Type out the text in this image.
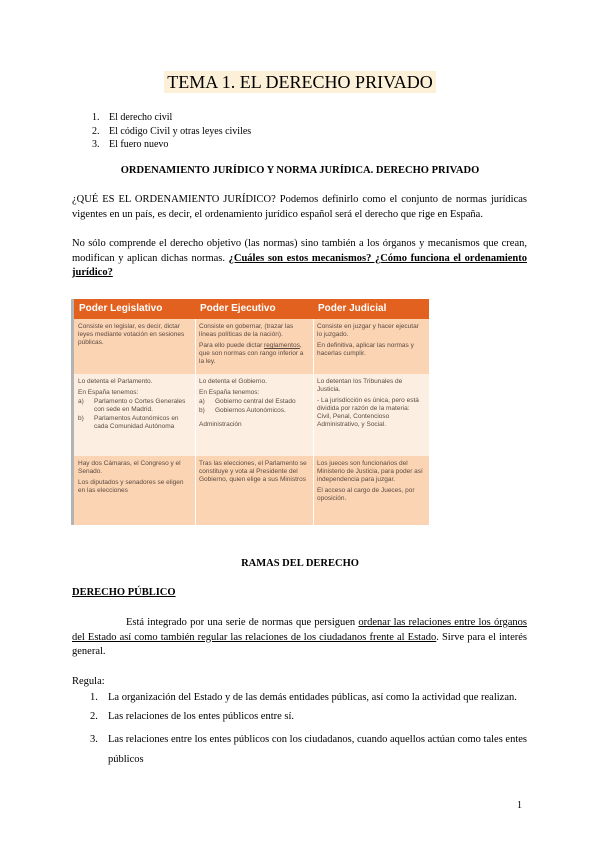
TEMA 1. EL DERECHO PRIVADO
1. El derecho civil
2. El código Civil y otras leyes civiles
3. El fuero nuevo
ORDENAMIENTO JURÍDICO Y NORMA JURÍDICA. DERECHO PRIVADO
¿QUÉ ES EL ORDENAMIENTO JURÍDICO? Podemos definirlo como el conjunto de normas jurídicas vigentes en un país, es decir, el ordenamiento jurídico español será el derecho que rige en España.
No sólo comprende el derecho objetivo (las normas) sino también a los órganos y mecanismos que crean, modifican y aplican dichas normas. ¿Cuáles son estos mecanismos? ¿Cómo funciona el ordenamiento jurídico?
Poder Legislativo

Consiste en legislar, es decir, dictar leyes mediante votación en sesiones públicas.

Lo detenta el Parlamento.

En España tenemos:

a) Parlamento o Cortes Generales con sede en Madrid.

b) Parlamentos Autonómicos en cada Comunidad Autónoma

Hay dos Cámaras, el Congreso y el Senado.

Los diputados y senadores se eligen en las elecciones

Poder Ejecutivo

Consiste en gobernar, (trazar las líneas políticas de la nación).

Para ello puede dictar reglamentos, que son normas con rango inferior a la ley.

Lo detenta el Gobierno.

En España tenemos:

a) Gobierno central del Estado

b) Gobiernos Autonómicos.

Administración

Tras las elecciones, el Parlamento se constituye y vota al Presidente del Gobierno, quien elige a sus Ministros

Poder Judicial

Consiste en juzgar y hacer ejecutar lo juzgado.

En definitiva, aplicar las normas y hacerlas cumplir.

Lo detentan los Tribunales de Justicia.

- La jurisdicción es única, pero está dividida por razón de la materia: Civil, Penal, Contencioso Administrativo, y Social.

Los jueces son funcionarios del Ministerio de Justicia, para poder así independencia para juzgar.

El acceso al cargo de Jueces, por oposición.

RAMAS DEL DERECHO
DERECHO PÚBLICO
Está integrado por una serie de normas que persiguen ordenar las relaciones entre los órganos del Estado así como también regular las relaciones de los ciudadanos frente al Estado. Sirve para el interés general.
Regula:
1. La organización del Estado y de las demás entidades públicas, así como la actividad que realizan.
2. Las relaciones de los entes públicos entre sí.
3. Las relaciones entre los entes públicos con los ciudadanos, cuando aquellos actúan como tales entes públicos
1
